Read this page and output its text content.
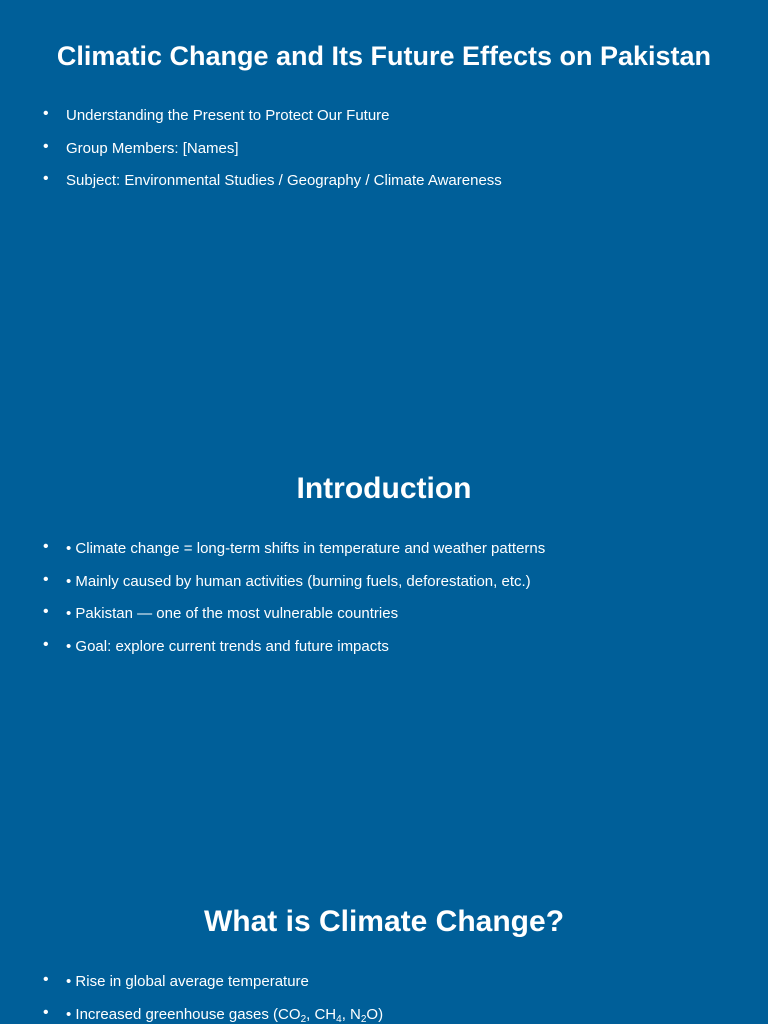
Climatic Change and Its Future Effects on Pakistan
• Understanding the Present to Protect Our Future
• Group Members: [Names]
• Subject: Environmental Studies / Geography / Climate Awareness
Introduction
• • Climate change = long-term shifts in temperature and weather patterns
• • Mainly caused by human activities (burning fuels, deforestation, etc.)
• • Pakistan — one of the most vulnerable countries
• • Goal: explore current trends and future impacts
What is Climate Change?
• • Rise in global average temperature
• • Increased greenhouse gases ($CO_2$, $CH_4$, $N_2O$)
